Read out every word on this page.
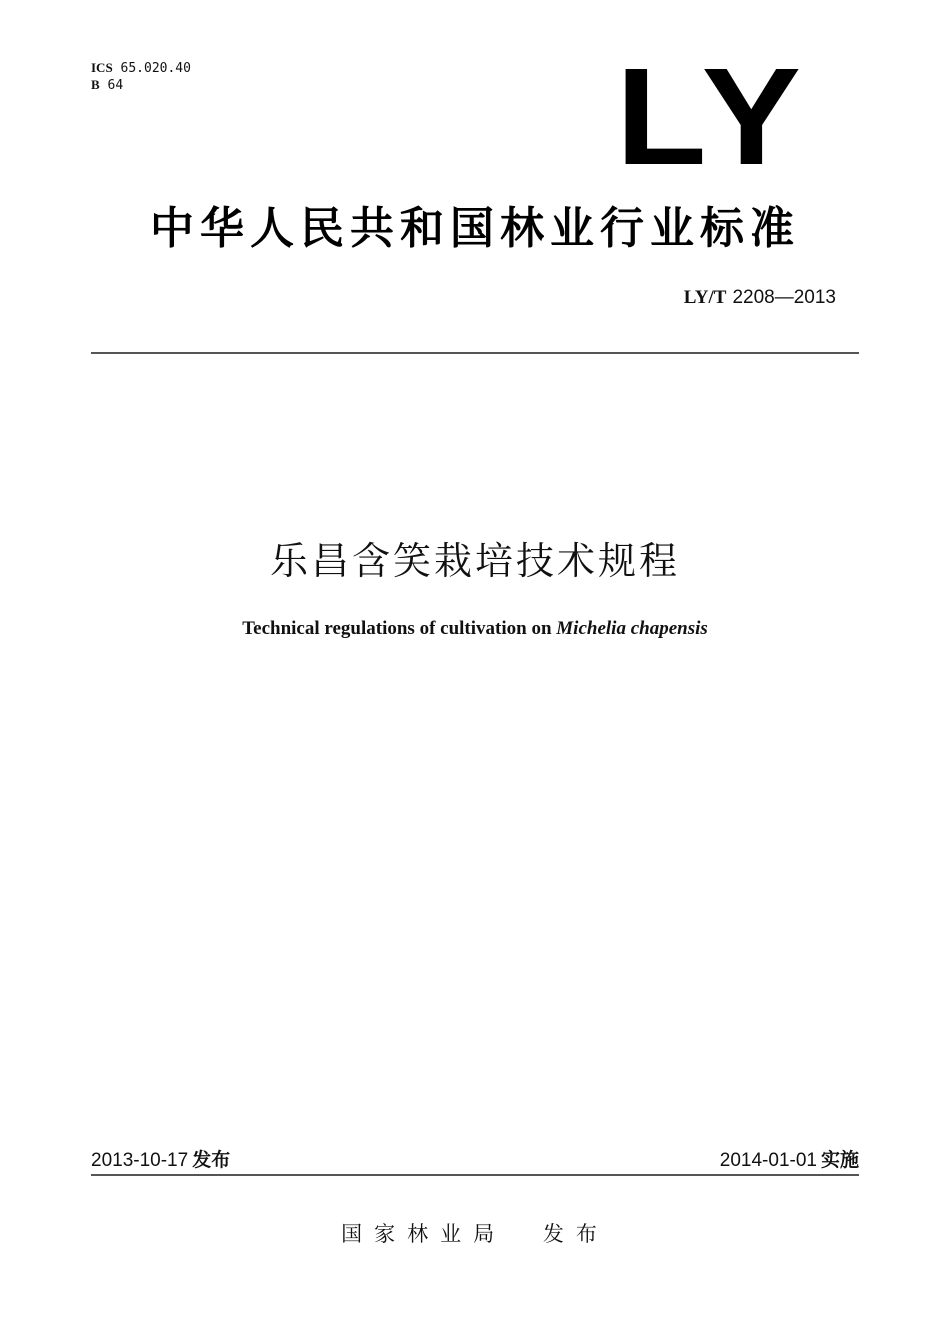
ICS 65.020.40
B 64	LY
中华人民共和国林业行业标准
LY/T 2208—2013
乐昌含笑栽培技术规程
Technical regulations of cultivation on Michelia chapensis
2013-10-17 发布	2014-01-01 实施
国家林业局 发布
